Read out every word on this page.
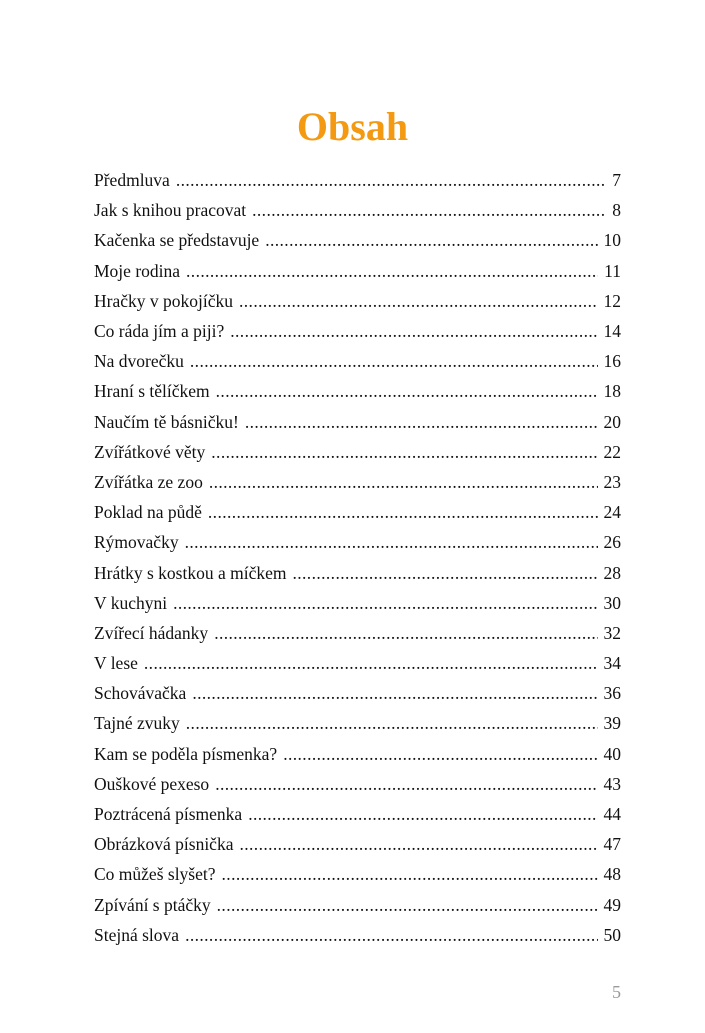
Obsah
Předmluva .....	7
Jak s knihou pracovat .....	8
Kačenka se představuje .....	10
Moje rodina .....	11
Hračky v pokojíčku .....	12
Co ráda jím a piji? .....	14
Na dvorečku .....	16
Hraní s tělíčkem .....	18
Naučím tě básničku! .....	20
Zvířátkové věty .....	22
Zvířátka ze zoo .....	23
Poklad na půdě .....	24
Rýmovačky .....	26
Hrátky s kostkou a míčkem .....	28
V kuchyni .....	30
Zvířecí hádanky .....	32
V lese .....	34
Schovávačka .....	36
Tajné zvuky .....	39
Kam se poděla písmenka? .....	40
Ouškové pexeso .....	43
Poztrácená písmenka .....	44
Obrázková písnička .....	47
Co můžeš slyšet? .....	48
Zpívání s ptáčky .....	49
Stejná slova .....	50
5
